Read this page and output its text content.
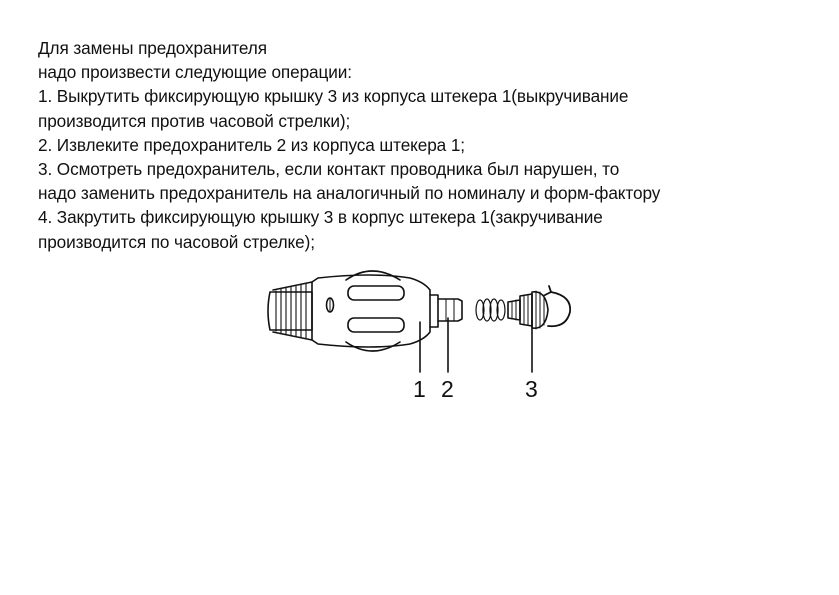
Для замены предохранителя

надо произвести следующие операции:

1. Выкрутить фиксирующую крышку 3 из корпуса штекера 1(выкручивание

производится против часовой стрелки);

2. Извлеките предохранитель 2 из корпуса штекера 1;

3. Осмотреть предохранитель, если контакт проводника был нарушен, то

надо заменить предохранитель на аналогичный по номиналу и форм-фактору

4. Закрутить фиксирующую крышку 3 в корпус штекера 1(закручивание

производится по часовой стрелке);

1 2	3
